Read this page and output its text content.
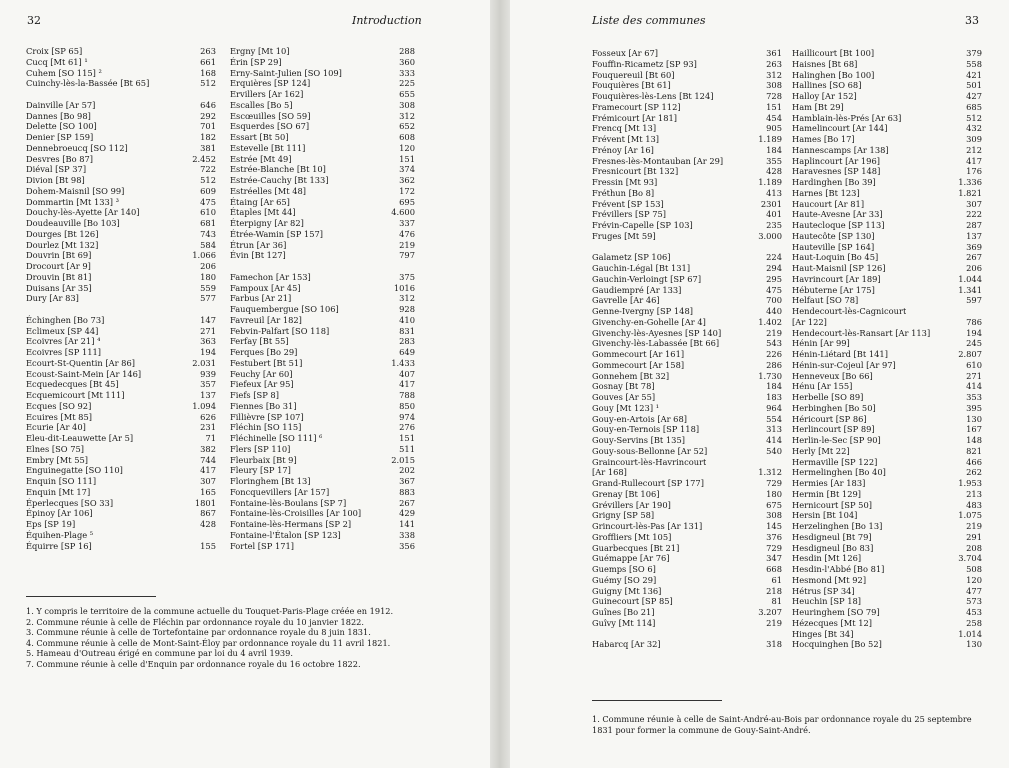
32	Introduction
Croix [SP 65]	263
Cucq [Mt 61] ¹	661
Cuhem [SO 115] ²	168
Cuinchy-lès-la-Bassée [Bt 65]	512
Dainville [Ar 57]	646
Dannes [Bo 98]	292
Delette [SO 100]	701
Denier [SP 159]	182
Dennebroeucq [SO 112]	381
Desvres [Bo 87]	2.452
Diéval [SP 37]	722
Divion [Bt 98]	512
Dohem-Maisnil [SO 99]	609
Dommartin [Mt 133] ³	475
Douchy-lès-Ayette [Ar 140]	610
Doudeauville [Bo 103]	681
Dourges [Bt 126]	743
Dourlez [Mt 132]	584
Douvrin [Bt 69]	1.066
Drocourt [Ar 9]	206
Drouvin [Bt 81]	180
Duisans [Ar 35]	559
Dury [Ar 83]	577
Échinghen [Bo 73]	147
Eclimeux [SP 44]	271
Ecoivres [Ar 21] ⁴	363
Ecoivres [SP 111]	194
Ecourt-St-Quentin [Ar 86]	2.031
Ecoust-Saint-Mein [Ar 146]	939
Ecquedecques [Bt 45]	357
Ecquemicourt [Mt 111]	137
Ecques [SO 92]	1.094
Ecuires [Mt 85]	626
Ecurie [Ar 40]	231
Eleu-dit-Leauwette [Ar 5]	71
Elnes [SO 75]	382
Embry [Mt 55]	744
Enguinegatte [SO 110]	417
Enquin [SO 111]	307
Enquin [Mt 17]	165
Éperlecques [SO 33]	1801
Épinoy [Ar 106]	867
Eps [SP 19]	428
Équihen-Plage ⁵
Équirre [SP 16]	155
Ergny [Mt 10]	288
Érin [SP 29]	360
Erny-Saint-Julien [SO 109]	333
Erquières [SP 124]	225
Ervillers [Ar 162]	655
Escalles [Bo 5]	308
Escœuilles [SO 59]	312
Esquerdes [SO 67]	652
Essart [Bt 50]	608
Estevelle [Bt 111]	120
Estrée [Mt 49]	151
Estrée-Blanche [Bt 10]	374
Estrée-Cauchy [Bt 133]	362
Estréelles [Mt 48]	172
Étaing [Ar 65]	695
Étaples [Mt 44]	4.600
Éterpigny [Ar 82]	337
Étrée-Wamin [SP 157]	476
Étrun [Ar 36]	219
Évin [Bt 127]	797
Famechon [Ar 153]	375
Fampoux [Ar 45]	1016
Farbus [Ar 21]	312
Fauquembergue [SO 106]	928
Favreuil [Ar 182]	410
Febvin-Palfart [SO 118]	831
Ferfay [Bt 55]	283
Ferques [Bo 29]	649
Festubert [Bt 51]	1.433
Feuchy [Ar 60]	407
Fiefeux [Ar 95]	417
Fiefs [SP 8]	788
Fiennes [Bo 31]	850
Fillièvre [SP 107]	974
Fléchin [SO 115]	276
Fléchinelle [SO 111] ⁶	151
Flers [SP 110]	511
Fleurbaix [Bt 9]	2.015
Fleury [SP 17]	202
Floringhem [Bt 13]	367
Foncquevillers [Ar 157]	883
Fontaine-lès-Boulans [SP 7]	267
Fontaine-lès-Croisilles [Ar 100]	429
Fontaine-lès-Hermans [SP 2]	141
Fontaine-l'Étalon [SP 123]	338
Fortel [SP 171]	356

1. Y compris le territoire de la commune actuelle du Touquet-Paris-Plage créée en 1912.

2. Commune réunie à celle de Fléchin par ordonnance royale du 10 janvier 1822.

3. Commune réunie à celle de Tortefontaine par ordonnance royale du 8 juin 1831.

4. Commune réunie à celle de Mont-Saint-Éloy par ordonnance royale du 11 avril 1821.

5. Hameau d'Outreau érigé en commune par loi du 4 avril 1939.

7. Commune réunie à celle d'Enquin par ordonnance royale du 16 octobre 1822.

Liste des communes	33
Fosseux [Ar 67]	361
Fouffin-Ricametz [SP 93]	263
Fouquereuil [Bt 60]	312
Fouquières [Bt 61]	308
Fouquières-lès-Lens [Bt 124]	728
Framecourt [SP 112]	151
Frémicourt [Ar 181]	454
Frencq [Mt 13]	905
Frévent [Mt 13]	1.189
Frénoy [Ar 16]	184
Fresnes-lès-Montauban [Ar 29]	355
Fresnicourt [Bt 132]	428
Fressin [Mt 93]	1.189
Fréthun [Bo 8]	413
Frévent [SP 153]	2301
Frévillers [SP 75]	401
Frévin-Capelle [SP 103]	235
Fruges [Mt 59]	3.000
Galametz [SP 106]	224
Gauchin-Légal [Bt 131]	294
Gauchin-Verloingt [SP 67]	295
Gaudiempré [Ar 133]	475
Gavrelle [Ar 46]	700
Genne-Ivergny [SP 148]	440
Givenchy-en-Gohelle [Ar 4]	1.402
Givenchy-lès-Ayesnes [SP 140]	219
Givenchy-lès-Labassée [Bt 66]	543
Gommecourt [Ar 161]	226
Gommecourt [Ar 158]	286
Gonnehem [Bt 32]	1.730
Gosnay [Bt 78]	184
Gouves [Ar 55]	183
Gouy [Mt 123] ¹	964
Gouy-en-Artois [Ar 68]	554
Gouy-en-Ternois [SP 118]	313
Gouy-Servins [Bt 135]	414
Gouy-sous-Bellonne [Ar 52]	540
Graincourt-lès-Havrincourt
[Ar 168]	1.312
Grand-Rullecourt [SP 177]	729
Grenay [Bt 106]	180
Grévillers [Ar 190]	675
Grigny [SP 58]	308
Grincourt-lès-Pas [Ar 131]	145
Groffliers [Mt 105]	376
Guarbecques [Bt 21]	729
Guémappe [Ar 76]	347
Guemps [SO 6]	668
Guémy [SO 29]	61
Guigny [Mt 136]	218
Guinecourt [SP 85]	81
Guînes [Bo 21]	3.207
Guîvy [Mt 114]	219
Habarcq [Ar 32]	318
Haillicourt [Bt 100]	379
Haisnes [Bt 68]	558
Halinghen [Bo 100]	421
Hallines [SO 68]	501
Halloy [Ar 152]	427
Ham [Bt 29]	685
Hamblain-lès-Prés [Ar 63]	512
Hamelincourt [Ar 144]	432
Hames [Bo 17]	309
Hannescamps [Ar 138]	212
Haplincourt [Ar 196]	417
Haravesnes [SP 148]	176
Hardinghen [Bo 39]	1.336
Harnes [Bt 123]	1.821
Haucourt [Ar 81]	307
Haute-Avesne [Ar 33]	222
Hautecloque [SP 113]	287
Hautecôte [SP 130]	137
Hauteville [SP 164]	369
Haut-Loquin [Bo 45]	267
Haut-Maisnil [SP 126]	206
Havrincourt [Ar 189]	1.044
Hébuterne [Ar 175]	1.341
Helfaut [SO 78]	597
Hendecourt-lès-Cagnicourt
[Ar 122]	786
Hendecourt-lès-Ransart [Ar 113]	194
Hénin [Ar 99]	245
Hénin-Liétard [Bt 141]	2.807
Hénin-sur-Cojeul [Ar 97]	610
Henneveux [Bo 66]	271
Hénu [Ar 155]	414
Herbelle [SO 89]	353
Herbinghen [Bo 50]	395
Héricourt [SP 86]	130
Herlincourt [SP 89]	167
Herlin-le-Sec [SP 90]	148
Herly [Mt 22]	821
Hermaville [SP 122]	466
Hermelinghen [Bo 40]	262
Hermies [Ar 183]	1.953
Hermin [Bt 129]	213
Hernicourt [SP 50]	483
Hersin [Bt 104]	1.075
Herzelinghen [Bo 13]	219
Hesdigneul [Bt 79]	291
Hesdigneul [Bo 83]	208
Hesdin [Mt 126]	3.704
Hesdin-l'Abbé [Bo 81]	508
Hesmond [Mt 92]	120
Hétrus [SP 34]	477
Heuchin [SP 18]	573
Heuringhem [SO 79]	453
Hézecques [Mt 12]	258
Hinges [Bt 34]	1.014
Hocquinghen [Bo 52]	130

1. Commune réunie à celle de Saint-André-au-Bois par ordonnance royale du 25 septembre 1831 pour former la commune de Gouy-Saint-André.
